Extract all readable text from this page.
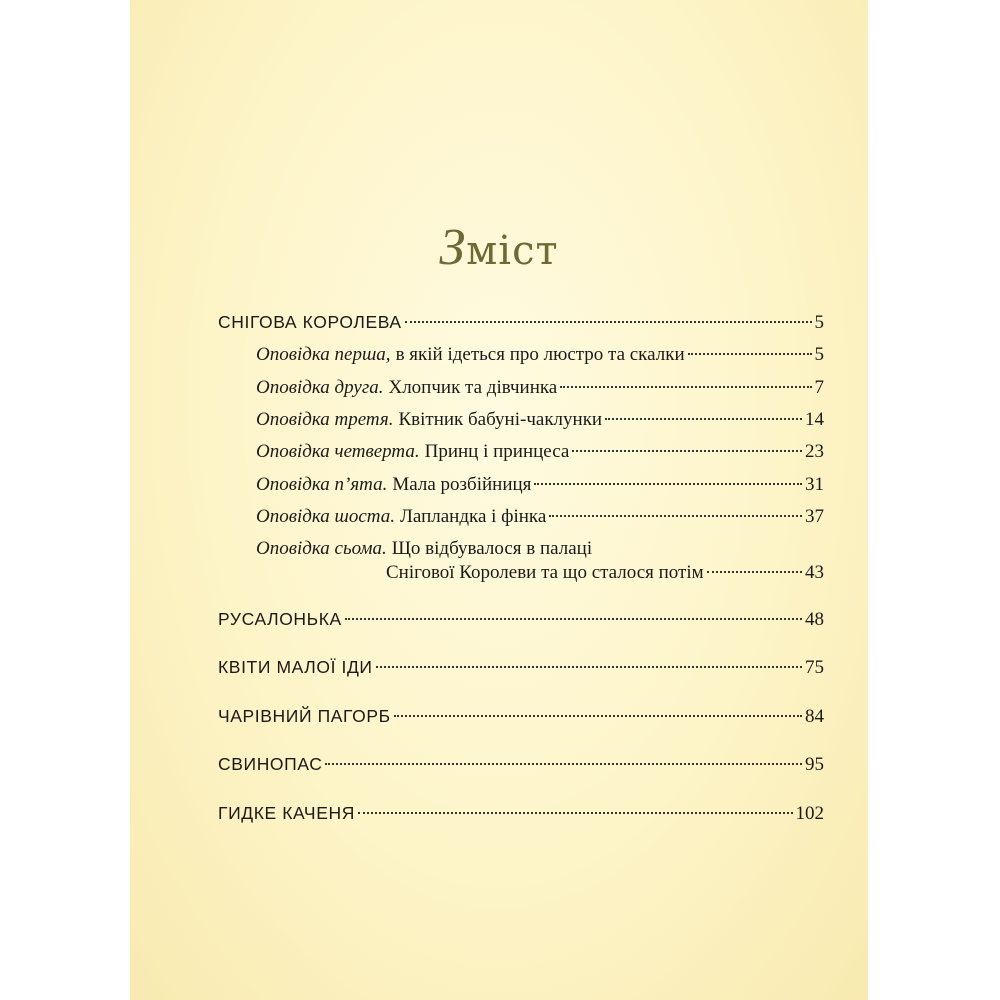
Зміст
СНІГОВА КОРОЛЕВА	5
Оповідка перша, в якій ідеться про люстро та скалки	5
Оповідка друга. Хлопчик та дівчинка	7
Оповідка третя. Квітник бабуні-чаклунки	14
Оповідка четверта. Принц і принцеса	23
Оповідка п’ята. Мала розбійниця	31
Оповідка шоста. Лапландка і фінка	37
Оповідка сьома. Що відбувалося в палаці
Снігової Королеви та що сталося потім	43
РУСАЛОНЬКА	48
КВІТИ МАЛОЇ ІДИ	75
ЧАРІВНИЙ ПАГОРБ	84
СВИНОПАС	95
ГИДКЕ КАЧЕНЯ	102
